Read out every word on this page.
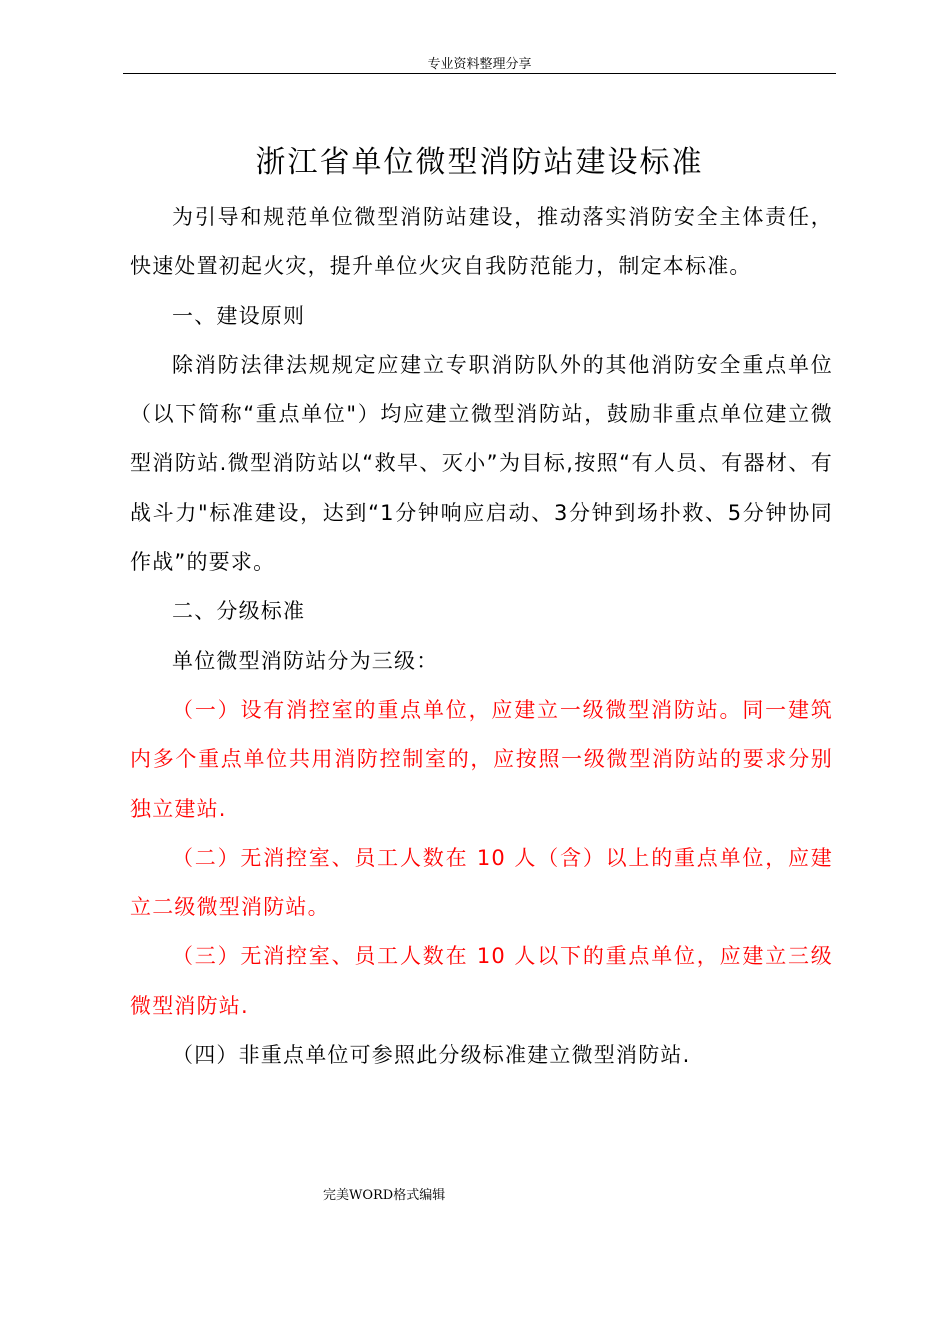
专业资料整理分享
浙江省单位微型消防站建设标准

为引导和规范单位微型消防站建设，推动落实消防安全主体责任，快速处置初起火灾，提升单位火灾自我防范能力，制定本标准。

一、建设原则

除消防法律法规规定应建立专职消防队外的其他消防安全重点单位（以下简称“重点单位"）均应建立微型消防站，鼓励非重点单位建立微型消防站.微型消防站以“救早、灭小”为目标,按照“有人员、有器材、有战斗力"标准建设，达到“1分钟响应启动、3分钟到场扑救、5分钟协同作战”的要求。

二、分级标准

单位微型消防站分为三级：

（一）设有消控室的重点单位，应建立一级微型消防站。同一建筑内多个重点单位共用消防控制室的，应按照一级微型消防站的要求分别独立建站.

（二）无消控室、员工人数在 10 人（含）以上的重点单位，应建立二级微型消防站。

（三）无消控室、员工人数在 10 人以下的重点单位，应建立三级微型消防站.

（四）非重点单位可参照此分级标准建立微型消防站.

完美WORD格式编辑
